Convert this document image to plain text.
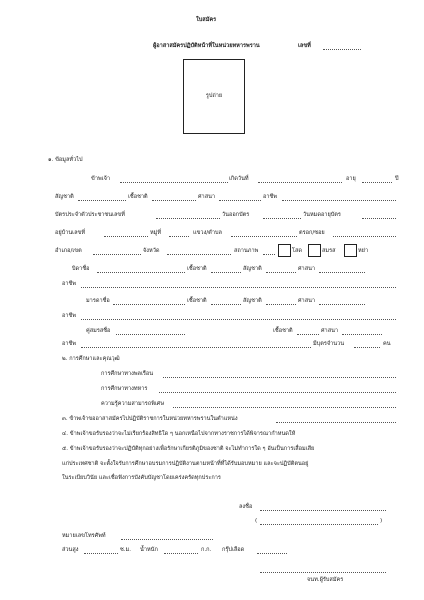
ใบสมัคร
ผู้อาสาสมัครปฏิบัติหน้าที่ในหน่วยทหารพราน	เลขที่
รูปถ่าย
๑. ข้อมูลทั่วไป
ข้าพเจ้า	เกิดวันที่	อายุ	ปี
สัญชาติ	เชื้อชาติ	ศาสนา	อาชีพ
บัตรประจำตัวประชาชนเลขที่	วันออกบัตร	วันหมดอายุบัตร
อยู่บ้านเลขที่	หมู่ที่	แขวง/ตำบล	ตรอก/ซอย
อำเภอ/เขต	จังหวัด	สถานภาพ	โสด	สมรส	หย่า
บิดาชื่อ	เชื้อชาติ	สัญชาติ	ศาสนา
อาชีพ
มารดาชื่อ	เชื้อชาติ	สัญชาติ	ศาสนา
อาชีพ
คู่สมรสชื่อ	เชื้อชาติ	ศาสนา
อาชีพ	มีบุตรจำนวน	คน
๒. การศึกษาและคุณวุฒิ
การศึกษาทางพลเรือน
การศึกษาทางทหาร
ความรู้ความสามารถพิเศษ
๓. ข้าพเจ้าขออาสาสมัครไปปฏิบัติราชการในหน่วยทหารพรานในตำแหน่ง
๔. ข้าพเจ้าขอรับรองว่าจะไม่เรียกร้องสิทธิใด ๆ นอกเหนือไปจากทางราชการได้พิจารณากำหนดให้
๕. ข้าพเจ้าขอรับรองว่าจะปฏิบัติทุกอย่างเพื่อรักษาเกียรติภูมิของชาติ จะไม่ทำการใด ๆ อันเป็นการเสื่อมเสีย
แก่ประเทศชาติ จะตั้งใจรับการศึกษาอบรมการปฏิบัติงานตามหน้าที่ที่ได้รับมอบหมาย และจะปฏิบัติตนอยู่
ในระเบียบวินัย และเชื่อฟังการบังคับบัญชาโดยเคร่งครัดทุกประการ
ลงชื่อ
(	)
หมายเลขโทรศัพท์
ส่วนสูง	ซ.ม. น้ำหนัก	ก.ก. กรุ๊ปเลือด
จนท.ผู้รับสมัคร
